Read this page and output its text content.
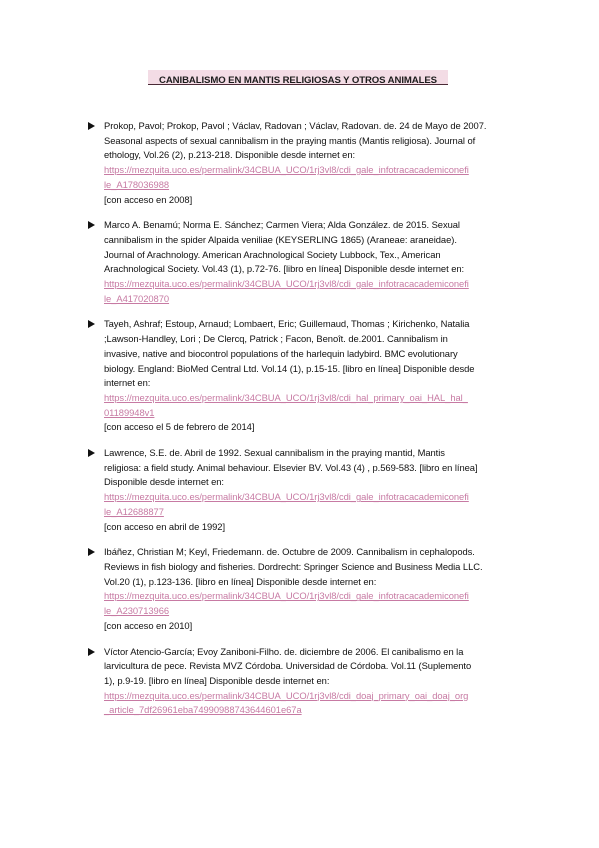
CANIBALISMO EN MANTIS RELIGIOSAS Y OTROS ANIMALES
Prokop, Pavol; Prokop, Pavol ; Václav, Radovan ; Václav, Radovan. de. 24 de Mayo de 2007.
Seasonal aspects of sexual cannibalism in the praying mantis (Mantis religiosa). Journal of
ethology, Vol.26 (2), p.213-218. Disponible desde internet en:
https://mezquita.uco.es/permalink/34CBUA_UCO/1rj3vl8/cdi_gale_infotracacademiconefi
le_A178036988
[con acceso en 2008]
Marco A. Benamú; Norma E. Sánchez; Carmen Viera; Alda González. de 2015. Sexual
cannibalism in the spider Alpaida veniliae (KEYSERLING 1865) (Araneae: araneidae).
Journal of Arachnology. American Arachnological Society Lubbock, Tex., American
Arachnological Society. Vol.43 (1), p.72-76. [libro en línea] Disponible desde internet en:
https://mezquita.uco.es/permalink/34CBUA_UCO/1rj3vl8/cdi_gale_infotracacademiconefi
le_A417020870
Tayeh, Ashraf; Estoup, Arnaud; Lombaert, Eric; Guillemaud, Thomas ; Kirichenko, Natalia
;Lawson-Handley, Lori ; De Clercq, Patrick ; Facon, Benoît. de.2001. Cannibalism in
invasive, native and biocontrol populations of the harlequin ladybird. BMC evolutionary
biology. England: BioMed Central Ltd. Vol.14 (1), p.15-15. [libro en línea] Disponible desde
internet en:
https://mezquita.uco.es/permalink/34CBUA_UCO/1rj3vl8/cdi_hal_primary_oai_HAL_hal_
01189948v1
[con acceso el 5 de febrero de 2014]
Lawrence, S.E. de. Abril de 1992. Sexual cannibalism in the praying mantid, Mantis
religiosa: a field study. Animal behaviour. Elsevier BV. Vol.43 (4) , p.569-583. [libro en línea]
Disponible desde internet en:
https://mezquita.uco.es/permalink/34CBUA_UCO/1rj3vl8/cdi_gale_infotracacademiconefi
le_A12688877
[con acceso en abril de 1992]
Ibáñez, Christian M; Keyl, Friedemann. de. Octubre de 2009. Cannibalism in cephalopods.
Reviews in fish biology and fisheries. Dordrecht: Springer Science and Business Media LLC.
Vol.20 (1), p.123-136. [libro en línea] Disponible desde internet en:
https://mezquita.uco.es/permalink/34CBUA_UCO/1rj3vl8/cdi_gale_infotracacademiconefi
le_A230713966
[con acceso en 2010]
Víctor Atencio-García; Evoy Zaniboni-Filho. de. diciembre de 2006. El canibalismo en la
larvicultura de pece. Revista MVZ Córdoba. Universidad de Córdoba. Vol.11 (Suplemento
1), p.9-19. [libro en línea] Disponible desde internet en:
https://mezquita.uco.es/permalink/34CBUA_UCO/1rj3vl8/cdi_doaj_primary_oai_doaj_org
_article_7df26961eba74990988743644601e67a
